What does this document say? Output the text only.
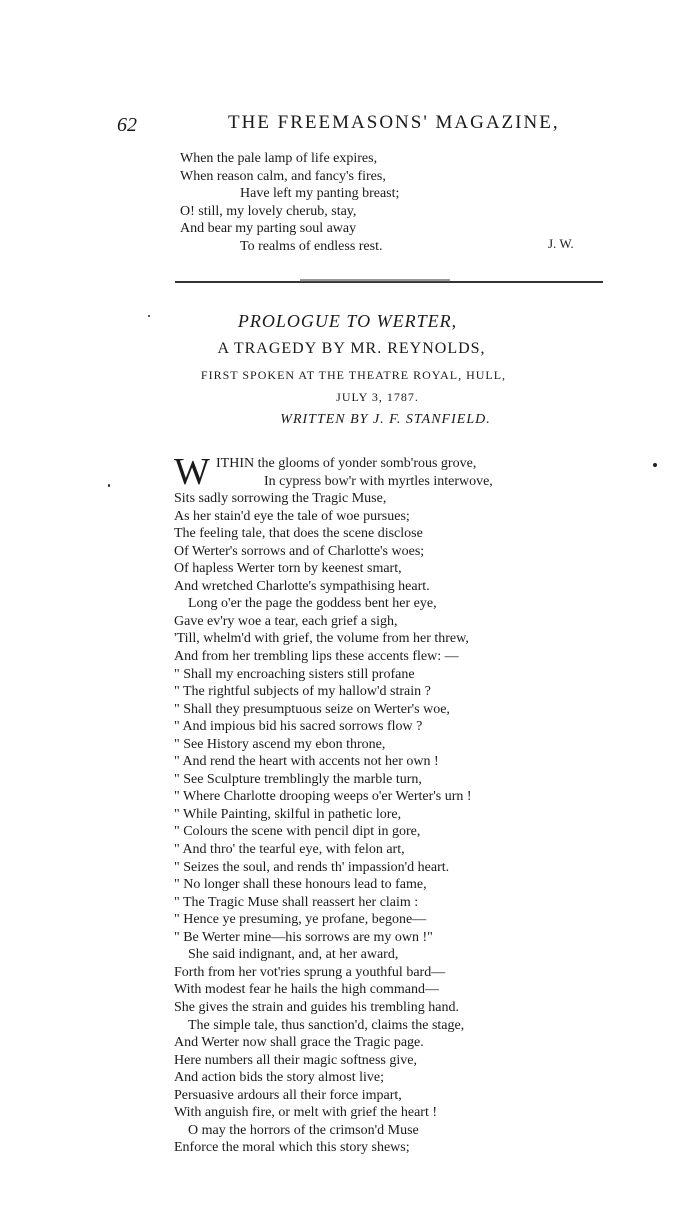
62	THE FREEMASONS' MAGAZINE,
When the pale lamp of life expires,
When reason calm, and fancy's fires,
Have left my panting breast;
O! still, my lovely cherub, stay,
And bear my parting soul away
To realms of endless rest.	J. W.
PROLOGUE TO WERTER,
A TRAGEDY BY MR. REYNOLDS,
FIRST SPOKEN AT THE THEATRE ROYAL, HULL,
JULY 3, 1787.
WRITTEN BY J. F. STANFIELD.
W ITHIN the glooms of yonder somb'rous grove,
In cypress bow'r with myrtles interwove,
Sits sadly sorrowing the Tragic Muse,
As her stain'd eye the tale of woe pursues;
The feeling tale, that does the scene disclose
Of Werter's sorrows and of Charlotte's woes;
Of hapless Werter torn by keenest smart,
And wretched Charlotte's sympathising heart.
Long o'er the page the goddess bent her eye,
Gave ev'ry woe a tear, each grief a sigh,
'Till, whelm'd with grief, the volume from her threw,
And from her trembling lips these accents flew: —
" Shall my encroaching sisters still profane
" The rightful subjects of my hallow'd strain ?
" Shall they presumptuous seize on Werter's woe,
" And impious bid his sacred sorrows flow ?
" See History ascend my ebon throne,
" And rend the heart with accents not her own !
" See Sculpture tremblingly the marble turn,
" Where Charlotte drooping weeps o'er Werter's urn !
" While Painting, skilful in pathetic lore,
" Colours the scene with pencil dipt in gore,
" And thro' the tearful eye, with felon art,
" Seizes the soul, and rends th' impassion'd heart.
" No longer shall these honours lead to fame,
" The Tragic Muse shall reassert her claim :
" Hence ye presuming, ye profane, begone—
" Be Werter mine—his sorrows are my own !"
She said indignant, and, at her award,
Forth from her vot'ries sprung a youthful bard—
With modest fear he hails the high command—
She gives the strain and guides his trembling hand.
The simple tale, thus sanction'd, claims the stage,
And Werter now shall grace the Tragic page.
Here numbers all their magic softness give,
And action bids the story almost live;
Persuasive ardours all their force impart,
With anguish fire, or melt with grief the heart !
O may the horrors of the crimson'd Muse
Enforce the moral which this story shews;
